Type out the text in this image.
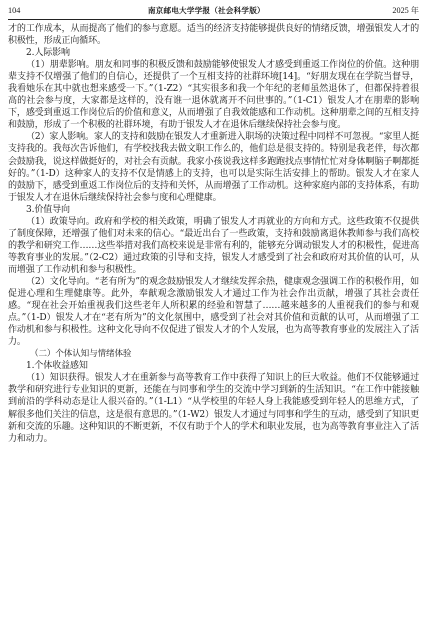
104	南京邮电大学学报（社会科学版）	2025 年

才的工作成本，从而提高了他们的参与意愿。适当的经济支持能够提供良好的情绪反馈，增强银发人才的积极性，形成正向循环。

2.人际影响

（1）朋辈影响。朋友和同事的积极反馈和鼓励能够使银发人才感受到重返工作岗位的价值。这种朋辈支持不仅增强了他们的自信心，还提供了一个互相支持的社群环境[14]。“好朋友现在在学院当督导，我看她乐在其中就也想来感受一下。”（1-Z2）“其实很多和我一个年纪的老师虽然退休了，但都保持着很高的社会参与度，大家都是这样的，没有谁一退休就离开不问世事的。”（1-C1）银发人才在朋辈的影响下，感受到重返工作岗位后的价值和意义，从而增强了自我效能感和工作动机。这种朋辈之间的互相支持和鼓励，形成了一个积极的社群环境，有助于银发人才在退休后继续保持社会参与度。

（2）家人影响。家人的支持和鼓励在银发人才重新进入职场的决策过程中同样不可忽视。“家里人挺支持我的。我每次告诉他们，有学校找我去做文职工作么的，他们总是很支持的。特别是我老伴，每次都会鼓励我，说这样做挺好的，对社会有贡献。我家小孩说我这样多跑跑找点事情忙忙对身体啊脑子啊都挺好的。”（1-D）这种家人的支持不仅是情感上的支持，也可以是实际生活安排上的帮助。银发人才在家人的鼓励下，感受到重返工作岗位后的支持和关怀，从而增强了工作动机。这种家庭内部的支持体系，有助于银发人才在退休后继续保持社会参与度和心理健康。

3.价值导向

（1）政策导向。政府和学校的相关政策，明确了银发人才再就业的方向和方式。这些政策不仅提供了制度保障，还增强了他们对未来的信心。“最近出台了一些政策，支持和鼓励离退休教师参与我们高校的教学和研究工作……这些举措对我们高校来说是非常有利的，能够充分调动银发人才的积极性，促进高等教育事业的发展。”（2-C2）通过政策的引导和支持，银发人才感受到了社会和政府对其价值的认可，从而增强了工作动机和参与积极性。

（2）文化导向。“老有所为”的观念鼓励银发人才继续发挥余热，健康观念强调工作的积极作用，如促进心理和生理健康等。此外，奉献观念激励银发人才通过工作为社会作出贡献，增强了其社会责任感。“现在社会开始重视我们这些老年人所积累的经验和智慧了……越来越多的人重视我们的参与和观点。”（1-D）银发人才在“老有所为”的文化氛围中，感受到了社会对其价值和贡献的认可，从而增强了工作动机和参与积极性。这种文化导向不仅促进了银发人才的个人发展，也为高等教育事业的发展注入了活力。

（二）个体认知与情绪体验

1.个体收益感知

（1）知识获得。银发人才在重新参与高等教育工作中获得了知识上的巨大收益。他们不仅能够通过教学和研究进行专业知识的更新，还能在与同事和学生的交流中学习到新的生活知识。“在工作中能接触到前沿的学科动态是让人很兴奋的。”（1-L1）“从学校里的年轻人身上我能感受到年轻人的思维方式，了解很多他们关注的信息，这是很有意思的。”（1-W2）银发人才通过与同事和学生的互动，感受到了知识更新和交流的乐趣。这种知识的不断更新，不仅有助于个人的学术和职业发展，也为高等教育事业注入了活力和动力。
